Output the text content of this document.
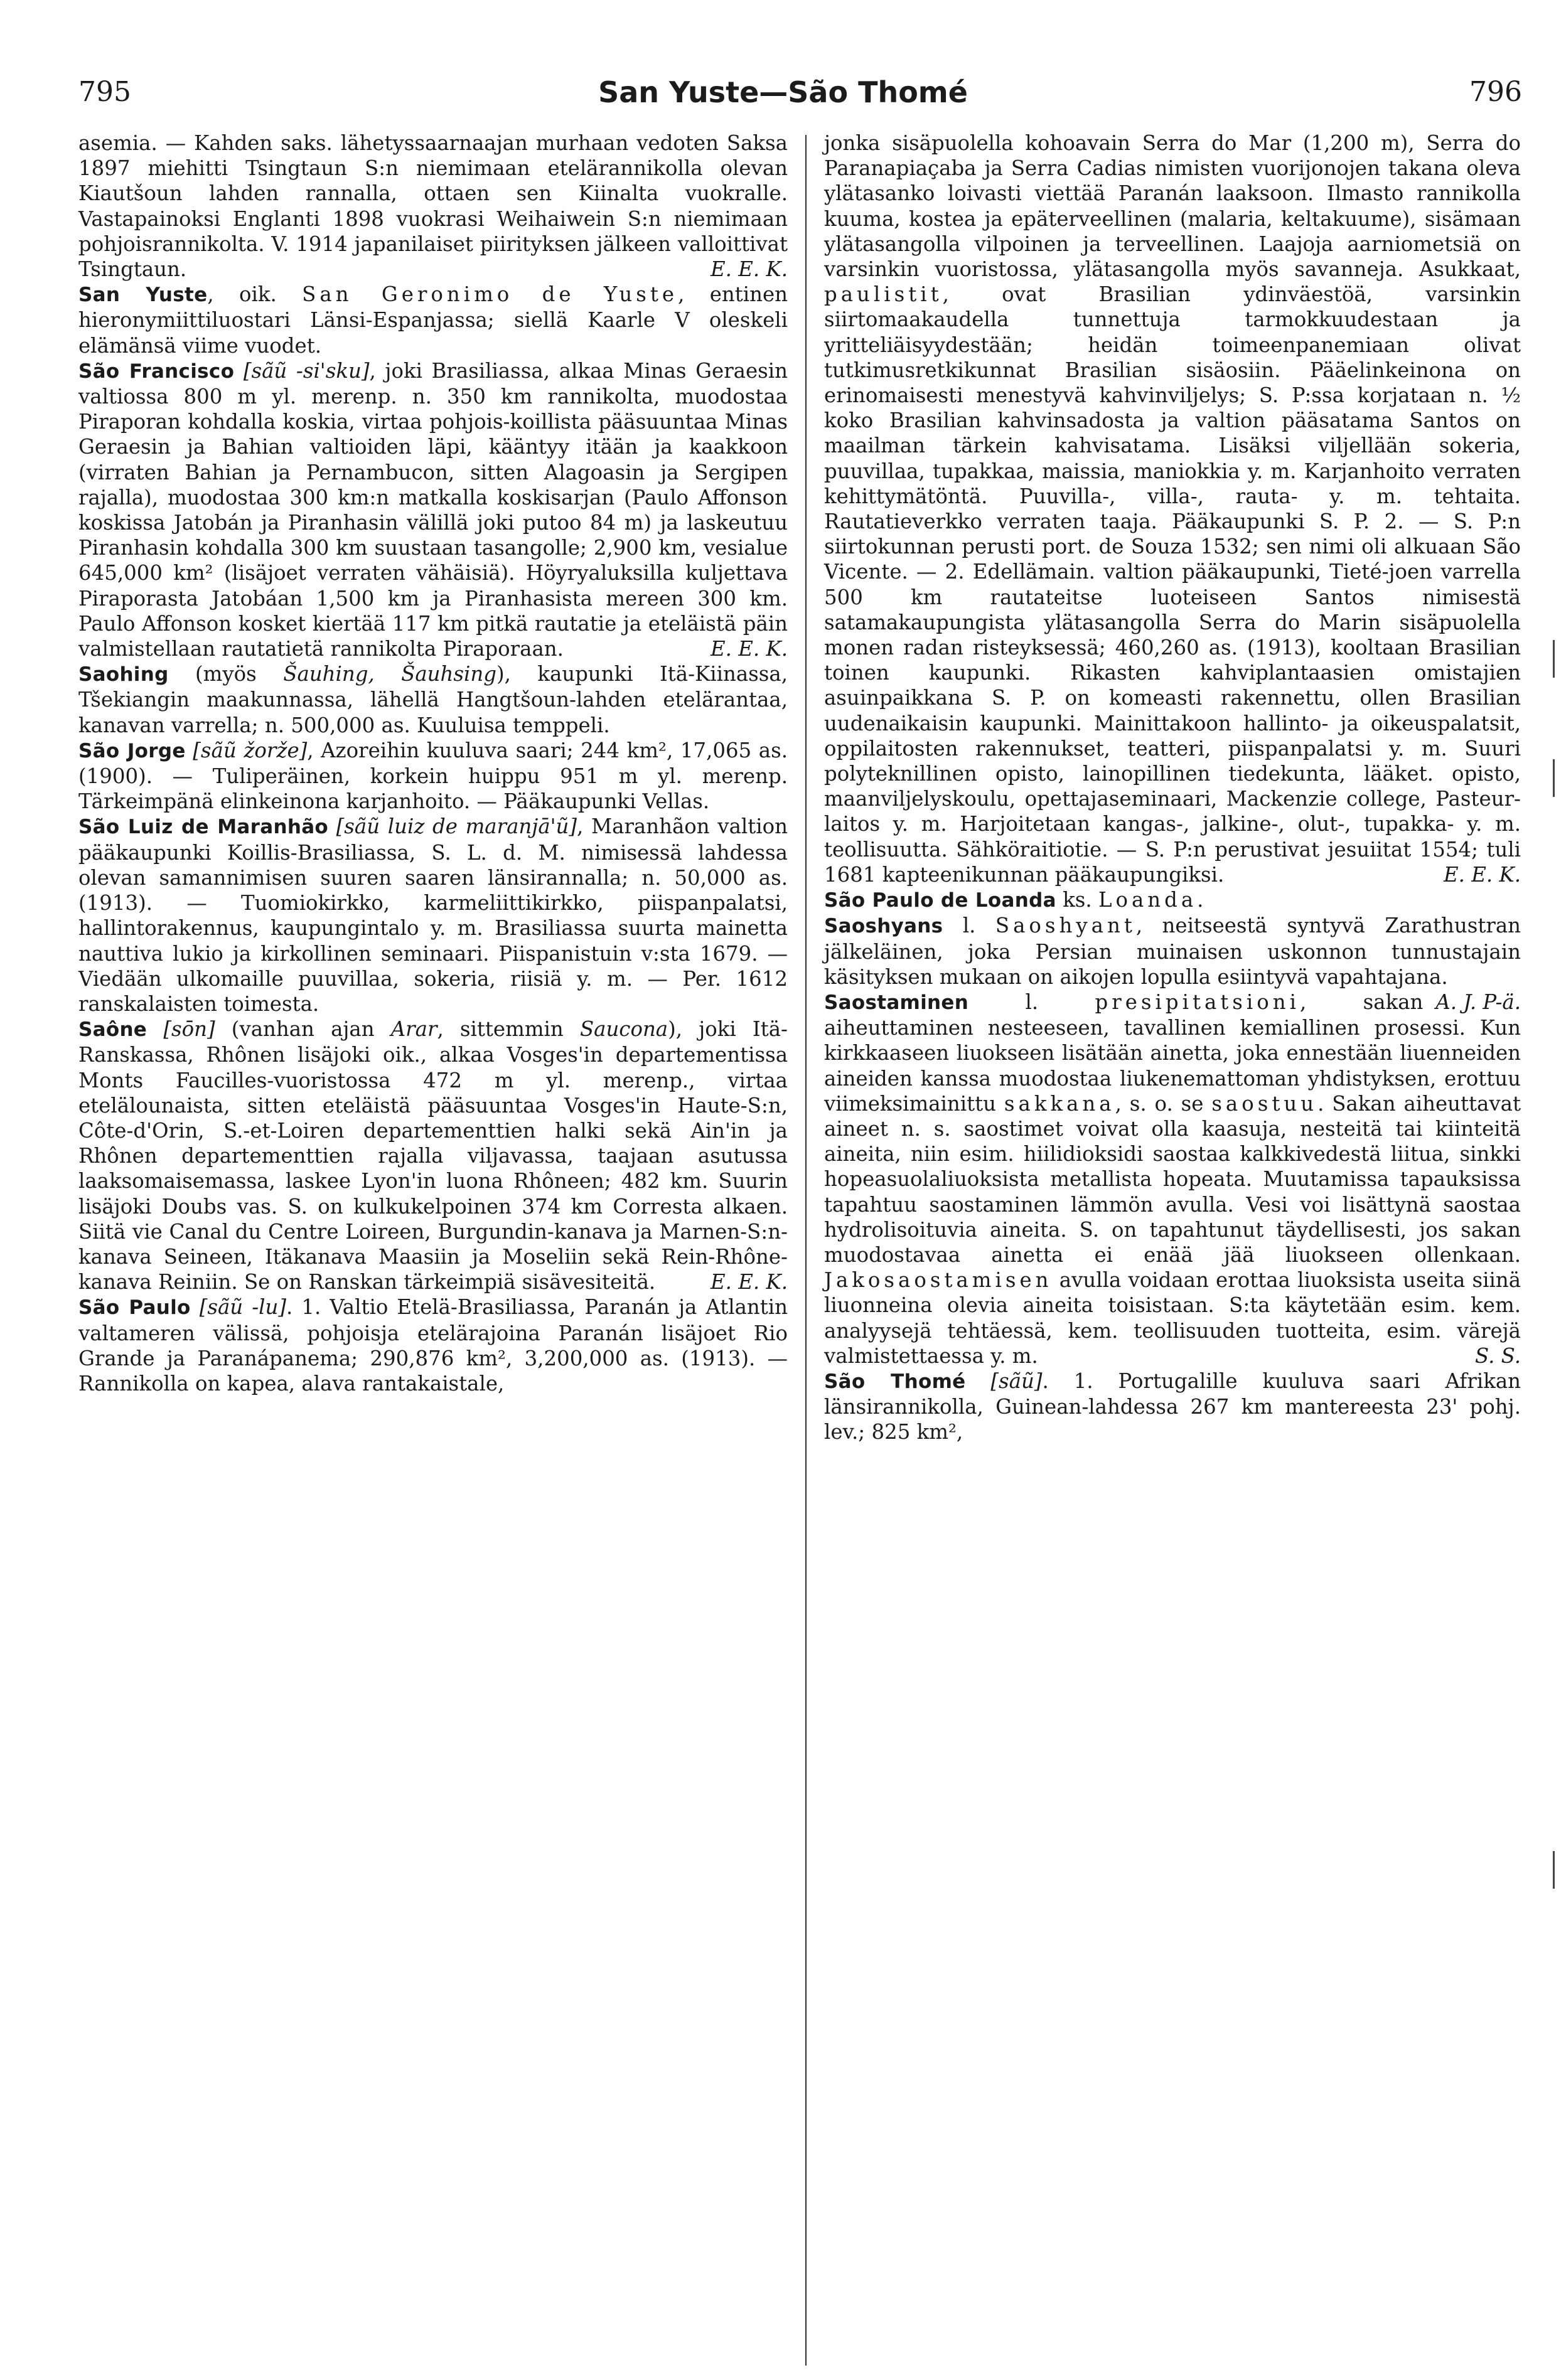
795	San Yuste—São Thomé	796

asemia. — Kahden saks. lähetyssaarnaajan murhaan vedoten Saksa 1897 miehitti Tsingtaun S:n niemimaan etelärannikolla olevan Kiautšoun lahden rannalla, ottaen sen Kiinalta vuokralle. Vastapainoksi Englanti 1898 vuokrasi Weihaiwein S:n niemimaan pohjoisrannikolta. V. 1914 japanilaiset piirityksen jälkeen valloittivat Tsingtaun.	E. E. K.

San Yuste, oik. San Geronimo de Yuste, entinen hieronymiittiluostari Länsi-Espanjassa; siellä Kaarle V oleskeli elämänsä viime vuodet.

São Francisco [sãũ -si'sku], joki Brasiliassa, alkaa Minas Geraesin valtiossa 800 m yl. merenp. n. 350 km rannikolta, muodostaa Piraporan kohdalla koskia, virtaa pohjois-koillista pääsuuntaa Minas Geraesin ja Bahian valtioiden läpi, kääntyy itään ja kaakkoon (virraten Bahian ja Pernambucon, sitten Alagoasin ja Sergipen rajalla), muodostaa 300 km:n matkalla koskisarjan (Paulo Affonson koskissa Jatobán ja Piranhasin välillä joki putoo 84 m) ja laskeutuu Piranhasin kohdalla 300 km suustaan tasangolle; 2,900 km, vesialue 645,000 km² (lisäjoet verraten vähäisiä). Höyryaluksilla kuljettavа Piraporasta Jatobáan 1,500 km ja Piranhasista mereen 300 km. Paulo Affonson kosket kiertää 117 km pitkä rautatie ja eteläistä päin valmistellaan rautatietä rannikolta Piraporaan.	E. E. K.

Saohing (myös Šauhing, Šauhsing), kaupunki Itä-Kiinassa, Tšekiangin maakunnassa, lähellä Hangtšoun-lahden etelärantaa, kanavan varrella; n. 500,000 as. Kuuluisa temppeli.

São Jorge [sãũ žorže], Azoreihin kuuluva saari; 244 km², 17,065 as. (1900). — Tuliperäinen, korkein huippu 951 m yl. merenp. Tärkeimpänä elinkeinona karjanhoito. — Pääkaupunki Vellas.

São Luiz de Maranhão [sãũ luiz de maranjā'ũ], Maranhãon valtion pääkaupunki Koillis-Brasiliassa, S. L. d. M. nimisessä lahdessa olevan samannimisen suuren saaren länsirannalla; n. 50,000 as. (1913). — Tuomiokirkko, karmeliittikirkko, piispanpalatsi, hallintorakennus, kaupungintalo y. m. Brasiliassa suurta mainetta nauttiva lukio ja kirkollinen seminaari. Piispanistuin v:sta 1679. — Viedään ulkomaille puuvillaa, sokeria, riisiä y. m. — Per. 1612 ranskalaisten toimesta.

Saône [sōn] (vanhan ajan Arar, sittemmin Saucona), joki Itä-Ranskassa, Rhônen lisäjoki oik., alkaa Vosges'in departementissa Monts Faucilles-vuoristossa 472 m yl. merenp., virtaa etelälounaista, sitten eteläistä pääsuuntaa Vosges'in Haute-S:n, Côte-d'Orin, S.-et-Loiren departementtien halki sekä Ain'in ja Rhônen departementtien rajalla viljavassa, taajaan asutussa laaksomaisemassa, laskee Lyon'in luona Rhôneen; 482 km. Suurin lisäjoki Doubs vas. S. on kulkukelpoinen 374 km Corresta alkaen. Siitä vie Canal du Centre Loireen, Burgundin-kanava ja Marnen-S:n-kanava Seineen, Itäkanava Maasiin ja Moseliin sekä Rein-Rhône-kanava Reiniin. Se on Ranskan tärkeimpiä sisävesiteitä.	E. E. K.

São Paulo [sãũ -lu]. 1. Valtio Etelä-Brasiliassa, Paranán ja Atlantin valtameren välissä, pohjoisja etelärajoina Paranán lisäjoet Rio Grande ja Paranápanema; 290,876 km², 3,200,000 as. (1913). — Rannikolla on kapea, alava rantakaistale,

jonka sisäpuolella kohoavain Serra do Mar (1,200 m), Serra do Paranapiaçaba ja Serra Cadias nimisten vuorijonojen takana oleva ylätasanko loivasti viettää Paranán laaksoon. Ilmasto rannikolla kuuma, kostea ja epäterveellinen (malaria, keltakuume), sisämaan ylätasangolla vilpoinen ja terveellinen. Laajoja aarniometsiä on varsinkin vuoristossa, ylätasangolla myös savanneja. Asukkaat, paulistit, ovat Brasilian ydinväestöä, varsinkin siirtomaakaudella tunnettuja tarmokkuudestaan ja yritteliäisyydestään; heidän toimeenpanemiaan olivat tutkimusretkikunnat Brasilian sisäosiin. Pääelinkeinona on erinomaisesti menestyvä kahvinviljelys; S. P:ssa korjataan n. ½ koko Brasilian kahvinsadosta ja valtion pääsatama Santos on maailman tärkein kahvisatama. Lisäksi viljellään sokeria, puuvillaa, tupakkaa, maissia, maniokkia y. m. Karjanhoito verraten kehittymätöntä. Puuvilla-, villa-, rauta- y. m. tehtaita. Rautatieverkko verraten taaja. Pääkaupunki S. P. 2. — S. P:n siirtokunnan perusti port. de Souza 1532; sen nimi oli alkuaan São Vicente. — 2. Edellämain. valtion pääkaupunki, Tieté-joen varrella 500 km rautateitse luoteiseen Santos nimisestä satamakaupungista ylätasangolla Serra do Marin sisäpuolella monen radan risteyksessä; 460,260 as. (1913), kooltaan Brasilian toinen kaupunki. Rikasten kahviplantaasien omistajien asuinpaikkana S. P. on komeasti rakennettu, ollen Brasilian uudenaikaisin kaupunki. Mainittakoon hallinto- ja oikeuspalatsit, oppilaitosten rakennukset, teatteri, piispanpalatsi y. m. Suuri polyteknillinen opisto, lainopillinen tiedekunta, lääket. opisto, maanviljelyskoulu, opettajaseminaari, Mackenzie college, Pasteur-laitos y. m. Harjoitetaan kangas-, jalkine-, olut-, tupakka- y. m. teollisuutta. Sähköraitiotie. — S. P:n perustivat jesuiitat 1554; tuli 1681 kapteenikunnan pääkaupungiksi.	E. E. K.

São Paulo de Loanda ks. Loanda.

Saoshyans l. Saoshyant, neitseestä syntyvä Zarathustran jälkeläinen, joka Persian muinaisen uskonnon tunnustajain käsityksen mukaan on aikojen lopulla esiintyvä vapahtajana.
A. J. P-ä.

Saostaminen l. presipitatsioni, sakan aiheuttaminen nesteeseen, tavallinen kemiallinen prosessi. Kun kirkkaaseen liuokseen lisätään ainetta, joka ennestään liuenneiden aineiden kanssa muodostaa liukenemattoman yhdistyksen, erottuu viimeksimainittu sakkana, s. o. se saostuu. Sakan aiheuttavat aineet n. s. saostimet voivat olla kaasuja, nesteitä tai kiinteitä aineita, niin esim. hiilidioksidi saostaa kalkkivedestä liitua, sinkki hopeasuolaliuoksista metallista hopeata. Muutamissa tapauksissa tapahtuu saostaminen lämmön avulla. Vesi voi lisättynä saostaa hydrolisoituvia aineita. S. on tapahtunut täydellisesti, jos sakan muodostavaa ainetta ei enää jää liuokseen ollenkaan. Jakosaostamisen avulla voidaan erottaa liuoksista useita siinä liuonneina olevia aineita toisistaan. S:ta käytetään esim. kem. analyysejä tehtäessä, kem. teollisuuden tuotteita, esim. värejä valmistettaessa y. m.	S. S.

São Thomé [sãũ]. 1. Portugalille kuuluva saari Afrikan länsirannikolla, Guinean-lahdessa 267 km mantereesta 23' pohj. lev.; 825 km²,
